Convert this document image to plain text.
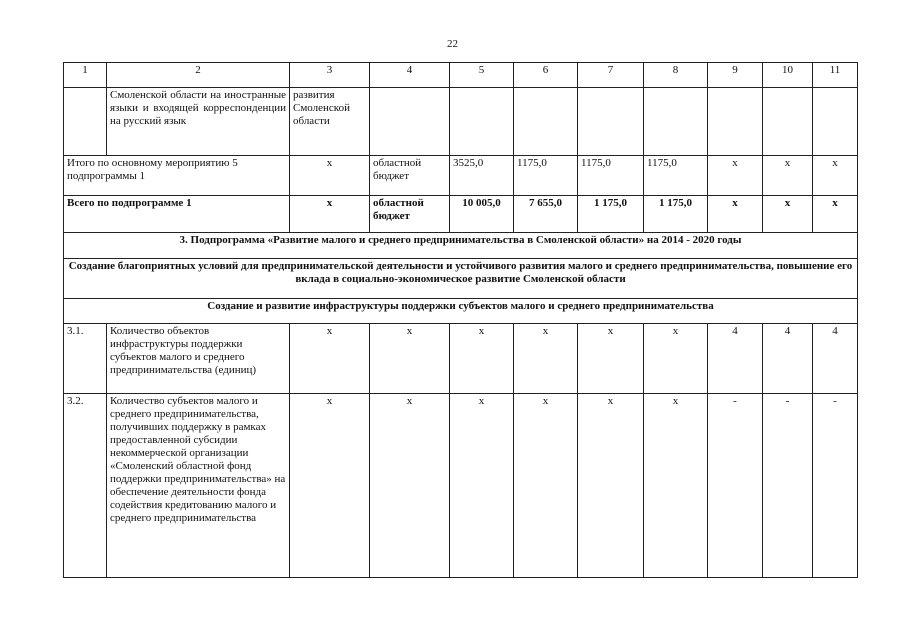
22
1	2	3	4	5	6	7	8	9	10	11
	Смоленской области на иностранные языки и входящей корреспонденции на русский язык	развития Смоленской области								
Итого по основному мероприятию 5 подпрограммы 1		x	областной бюджет	3525,0	1175,0	1175,0	1175,0	x	x	x
Всего по подпрограмме 1		x	областной бюджет	10 005,0	7 655,0	1 175,0	1 175,0	x	x	x
3. Подпрограмма «Развитие малого и среднего предпринимательства в Смоленской области» на 2014 - 2020 годы										
Создание благоприятных условий для предпринимательской деятельности и устойчивого развития малого и среднего предпринимательства, повышение его вклада в социально-экономическое развитие Смоленской области										
Создание и развитие инфраструктуры поддержки субъектов малого и среднего предпринимательства										
3.1.	Количество объектов инфраструктуры поддержки субъектов малого и среднего предпринимательства (единиц)	x	x	x	x	x	x	4	4	4
3.2.	Количество субъектов малого и среднего предпринимательства, получивших поддержку в рамках предоставленной субсидии некоммерческой организации «Смоленский областной фонд поддержки предпринимательства» на обеспечение деятельности фонда содействия кредитованию малого и среднего предпринимательства	x	x	x	x	x	x	-	-	-
